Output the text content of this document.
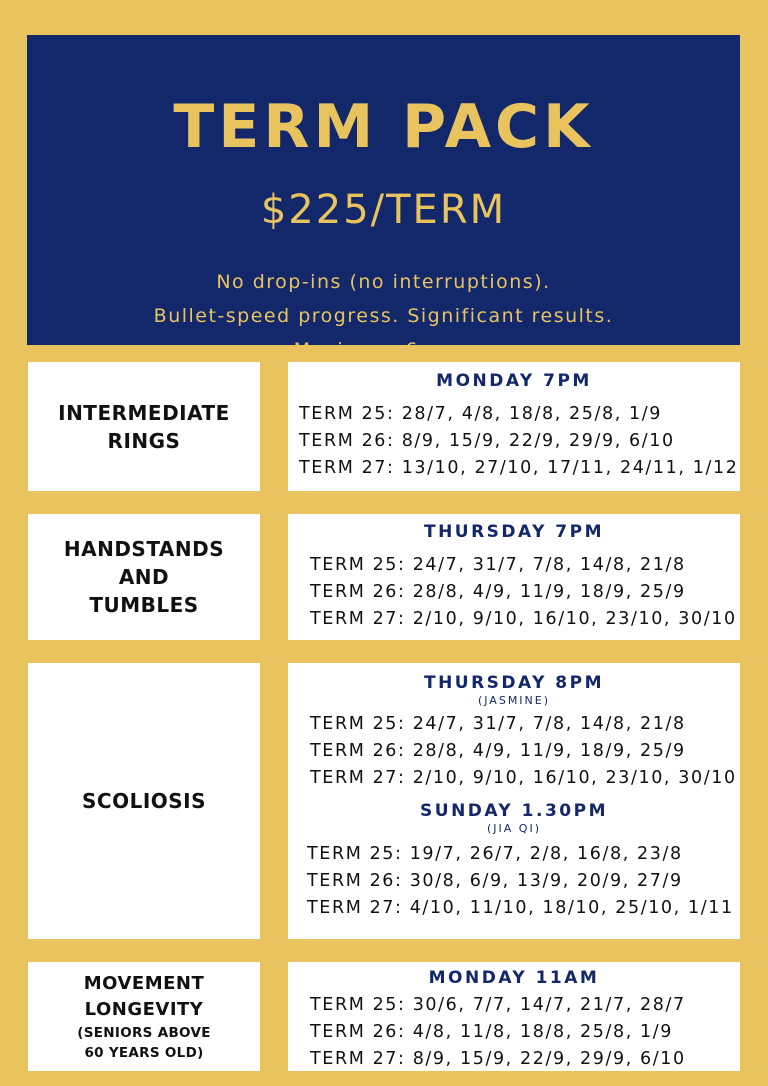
TERM PACK
$225/TERM
No drop-ins (no interruptions).
Bullet-speed progress. Significant results.
Maximum 6 pax.
INTERMEDIATE RINGS
MONDAY 7PM
TERM 25: 28/7, 4/8, 18/8, 25/8, 1/9
TERM 26: 8/9, 15/9, 22/9, 29/9, 6/10
TERM 27: 13/10, 27/10, 17/11, 24/11, 1/12
HANDSTANDS
AND
TUMBLES
THURSDAY 7PM
TERM 25: 24/7, 31/7, 7/8, 14/8, 21/8
TERM 26: 28/8, 4/9, 11/9, 18/9, 25/9
TERM 27: 2/10, 9/10, 16/10, 23/10, 30/10
SCOLIOSIS
THURSDAY 8PM
(JASMINE)
TERM 25: 24/7, 31/7, 7/8, 14/8, 21/8
TERM 26: 28/8, 4/9, 11/9, 18/9, 25/9
TERM 27: 2/10, 9/10, 16/10, 23/10, 30/10
SUNDAY 1.30PM
(JIA QI)
TERM 25: 19/7, 26/7, 2/8, 16/8, 23/8
TERM 26: 30/8, 6/9, 13/9, 20/9, 27/9
TERM 27: 4/10, 11/10, 18/10, 25/10, 1/11
MOVEMENT
LONGEVITY
(SENIORS ABOVE
60 YEARS OLD)
MONDAY 11AM
TERM 25: 30/6, 7/7, 14/7, 21/7, 28/7
TERM 26: 4/8, 11/8, 18/8, 25/8, 1/9
TERM 27: 8/9, 15/9, 22/9, 29/9, 6/10
